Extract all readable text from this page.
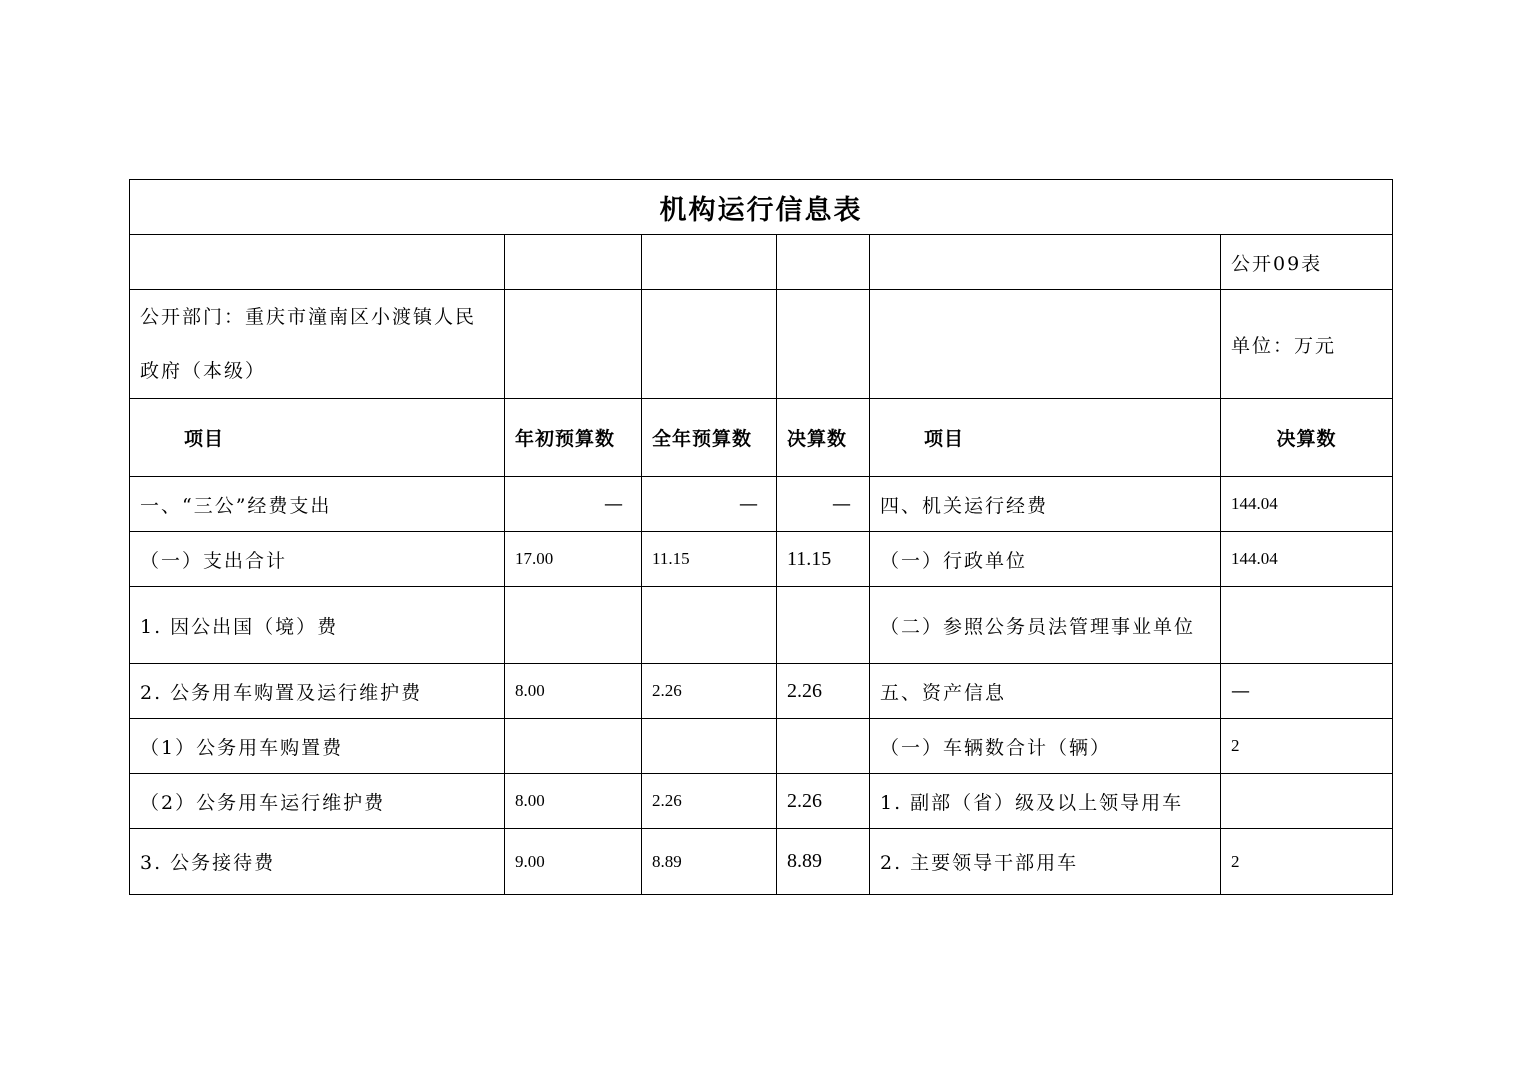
机构运行信息表					
					公开09表
公开部门：重庆市潼南区小渡镇人民政府（本级）					单位：万元
项目	年初预算数	全年预算数	决算数	项目	决算数
一、“三公”经费支出	—	—	—	四、机关运行经费	144.04
（一）支出合计	17.00	11.15	11.15	（一）行政单位	144.04
1. 因公出国（境）费				（二）参照公务员法管理事业单位	
2. 公务用车购置及运行维护费	8.00	2.26	2.26	五、资产信息	—
（1）公务用车购置费				（一）车辆数合计（辆）	2
（2）公务用车运行维护费	8.00	2.26	2.26	1. 副部（省）级及以上领导用车	
3. 公务接待费	9.00	8.89	8.89	2. 主要领导干部用车	2
